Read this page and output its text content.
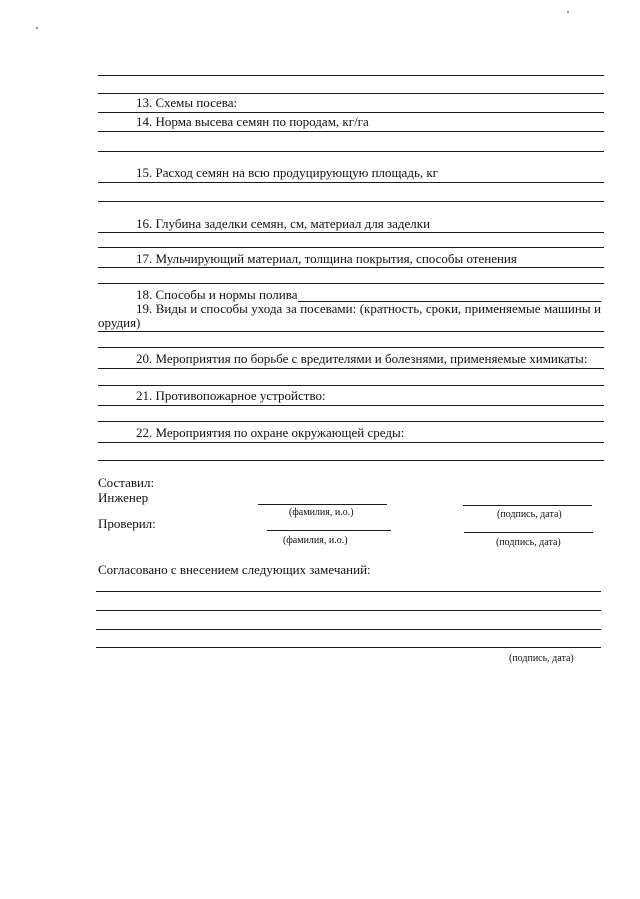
13. Схемы посева:
14. Норма высева семян по породам, кг/га
15. Расход семян на всю продуцирующую площадь, кг
16. Глубина заделки семян, см, материал для заделки
17. Мульчирующий материал, толщина покрытия, способы отенения
18. Способы и нормы полива
19. Виды и способы ухода за посевами: (кратность, сроки, применяемые машины и
орудия)
20. Мероприятия по борьбе с вредителями и болезнями, применяемые химикаты:
21. Противопожарное устройство:
22. Мероприятия по охране окружающей среды:
Составил:
Инженер
(фамилия, и.о.)	(подпись, дата)
Проверил:
(фамилия, и.о.)	(подпись, дата)
Согласовано с внесением следующих замечаний:
(подпись, дата)
